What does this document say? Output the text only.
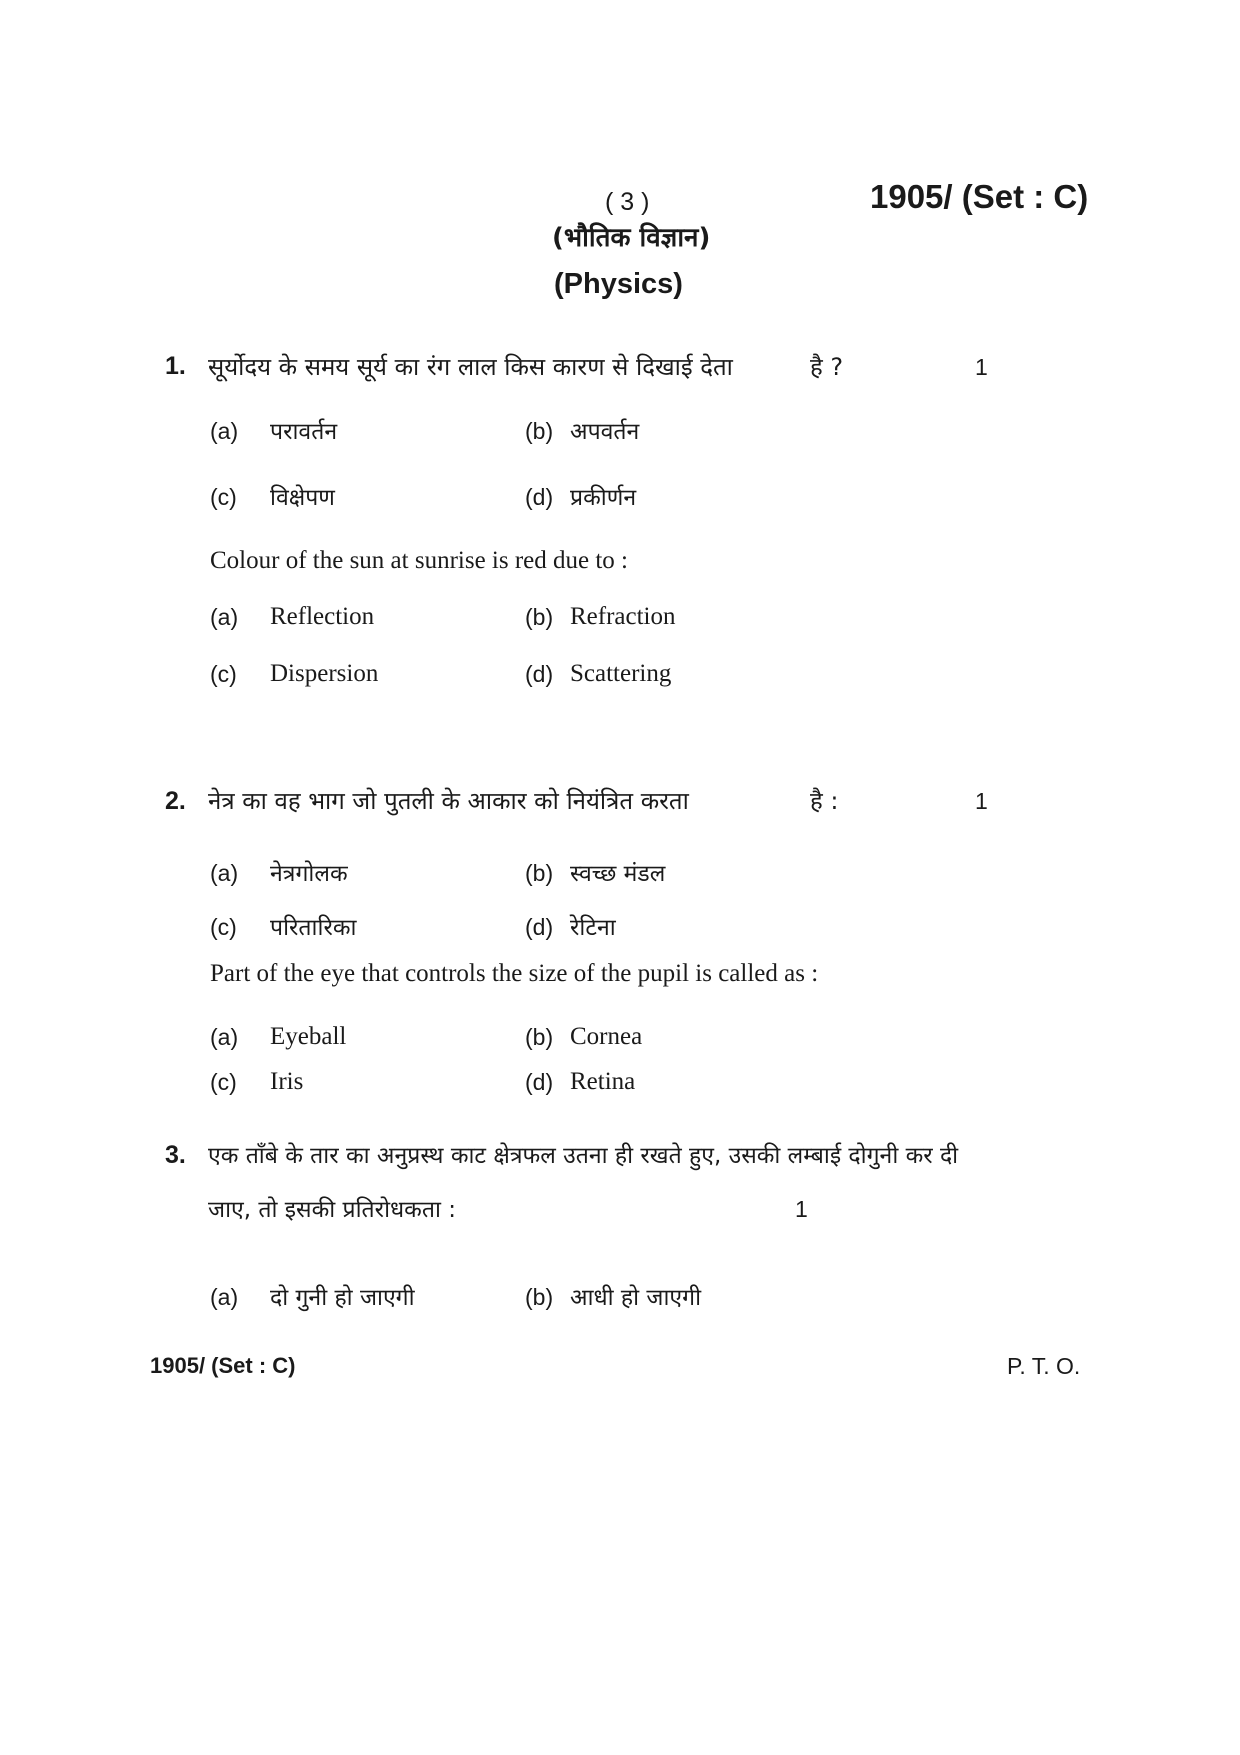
( 3 )	1905/ (Set : C)
(भौतिक विज्ञान)
(Physics)
1. सूर्योदय के समय सूर्य का रंग लाल किस कारण से दिखाई देता	है ?	1
(a) परावर्तन	(b) अपवर्तन
(c) विक्षेपण	(d) प्रकीर्णन
Colour of the sun at sunrise is red due to :
(a) Reflection	(b) Refraction
(c) Dispersion	(d) Scattering
2. नेत्र का वह भाग जो पुतली के आकार को नियंत्रित करता	है :	1
(a) नेत्रगोलक	(b) स्वच्छ मंडल
(c) परितारिका	(d) रेटिना
Part of the eye that controls the size of the pupil is called as :
(a) Eyeball	(b) Cornea
(c) Iris	(d) Retina
3. एक ताँबे के तार का अनुप्रस्थ काट क्षेत्रफल उतना ही रखते हुए, उसकी लम्बाई दोगुनी कर दी
जाए, तो इसकी प्रतिरोधकता :	1
(a) दो गुनी हो जाएगी	(b) आधी हो जाएगी
1905/ (Set : C)	P. T. O.
